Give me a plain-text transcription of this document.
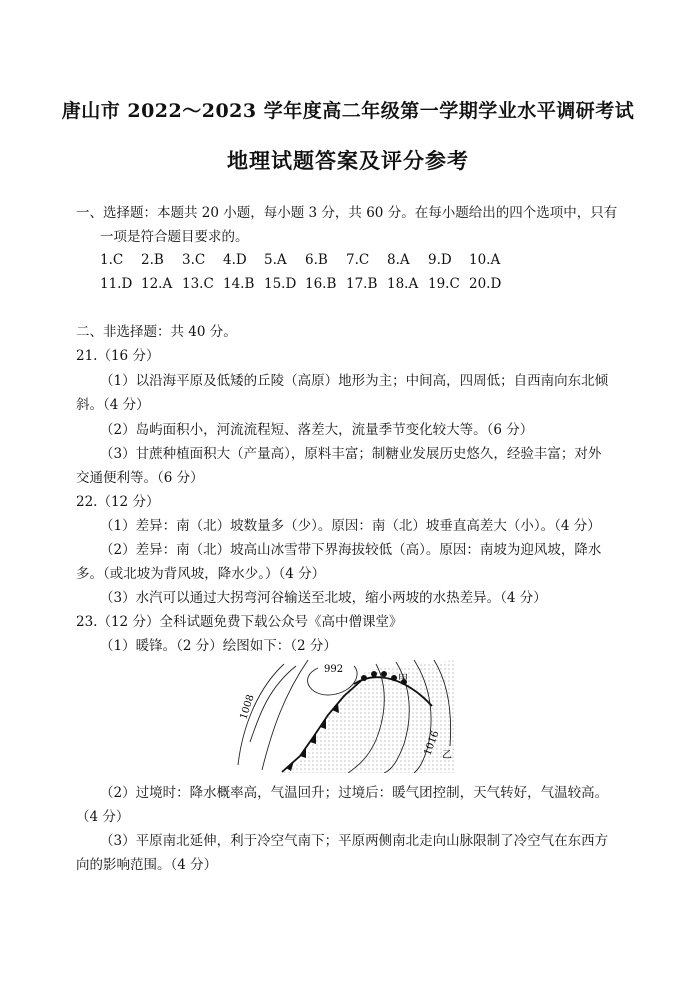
唐山市 2022～2023 学年度高二年级第一学期学业水平调研考试
地理试题答案及评分参考
一、选择题：本题共 20 小题，每小题 3 分，共 60 分。在每小题给出的四个选项中，只有
一项是符合题目要求的。
1.C 2.B 3.C 4.D 5.A 6.B 7.C 8.A 9.D 10.A
11.D 12.A 13.C 14.B 15.D 16.B 17.B 18.A 19.C 20.D
二、非选择题：共 40 分。
21.（16 分）
（1）以沿海平原及低矮的丘陵（高原）地形为主；中间高，四周低；自西南向东北倾
斜。（4 分）
（2）岛屿面积小，河流流程短、落差大，流量季节变化较大等。（6 分）
（3）甘蔗种植面积大（产量高），原料丰富；制糖业发展历史悠久，经验丰富；对外
交通便利等。（6 分）
22.（12 分）
（1）差异：南（北）坡数量多（少）。原因：南（北）坡垂直高差大（小）。（4 分）
（2）差异：南（北）坡高山冰雪带下界海拔较低（高）。原因：南坡为迎风坡，降水
多。（或北坡为背风坡，降水少。）（4 分）
（3）水汽可以通过大拐弯河谷输送至北坡，缩小两坡的水热差异。（4 分）
23.（12 分）全科试题免费下载公众号《高中僧课堂》
（1）暖锋。（2 分）绘图如下：（2 分）
992
1008
1016
甲
乙
（2）过境时：降水概率高，气温回升；过境后：暖气团控制，天气转好，气温较高。
（4 分）
（3）平原南北延伸，利于冷空气南下；平原两侧南北走向山脉限制了冷空气在东西方
向的影响范围。（4 分）
